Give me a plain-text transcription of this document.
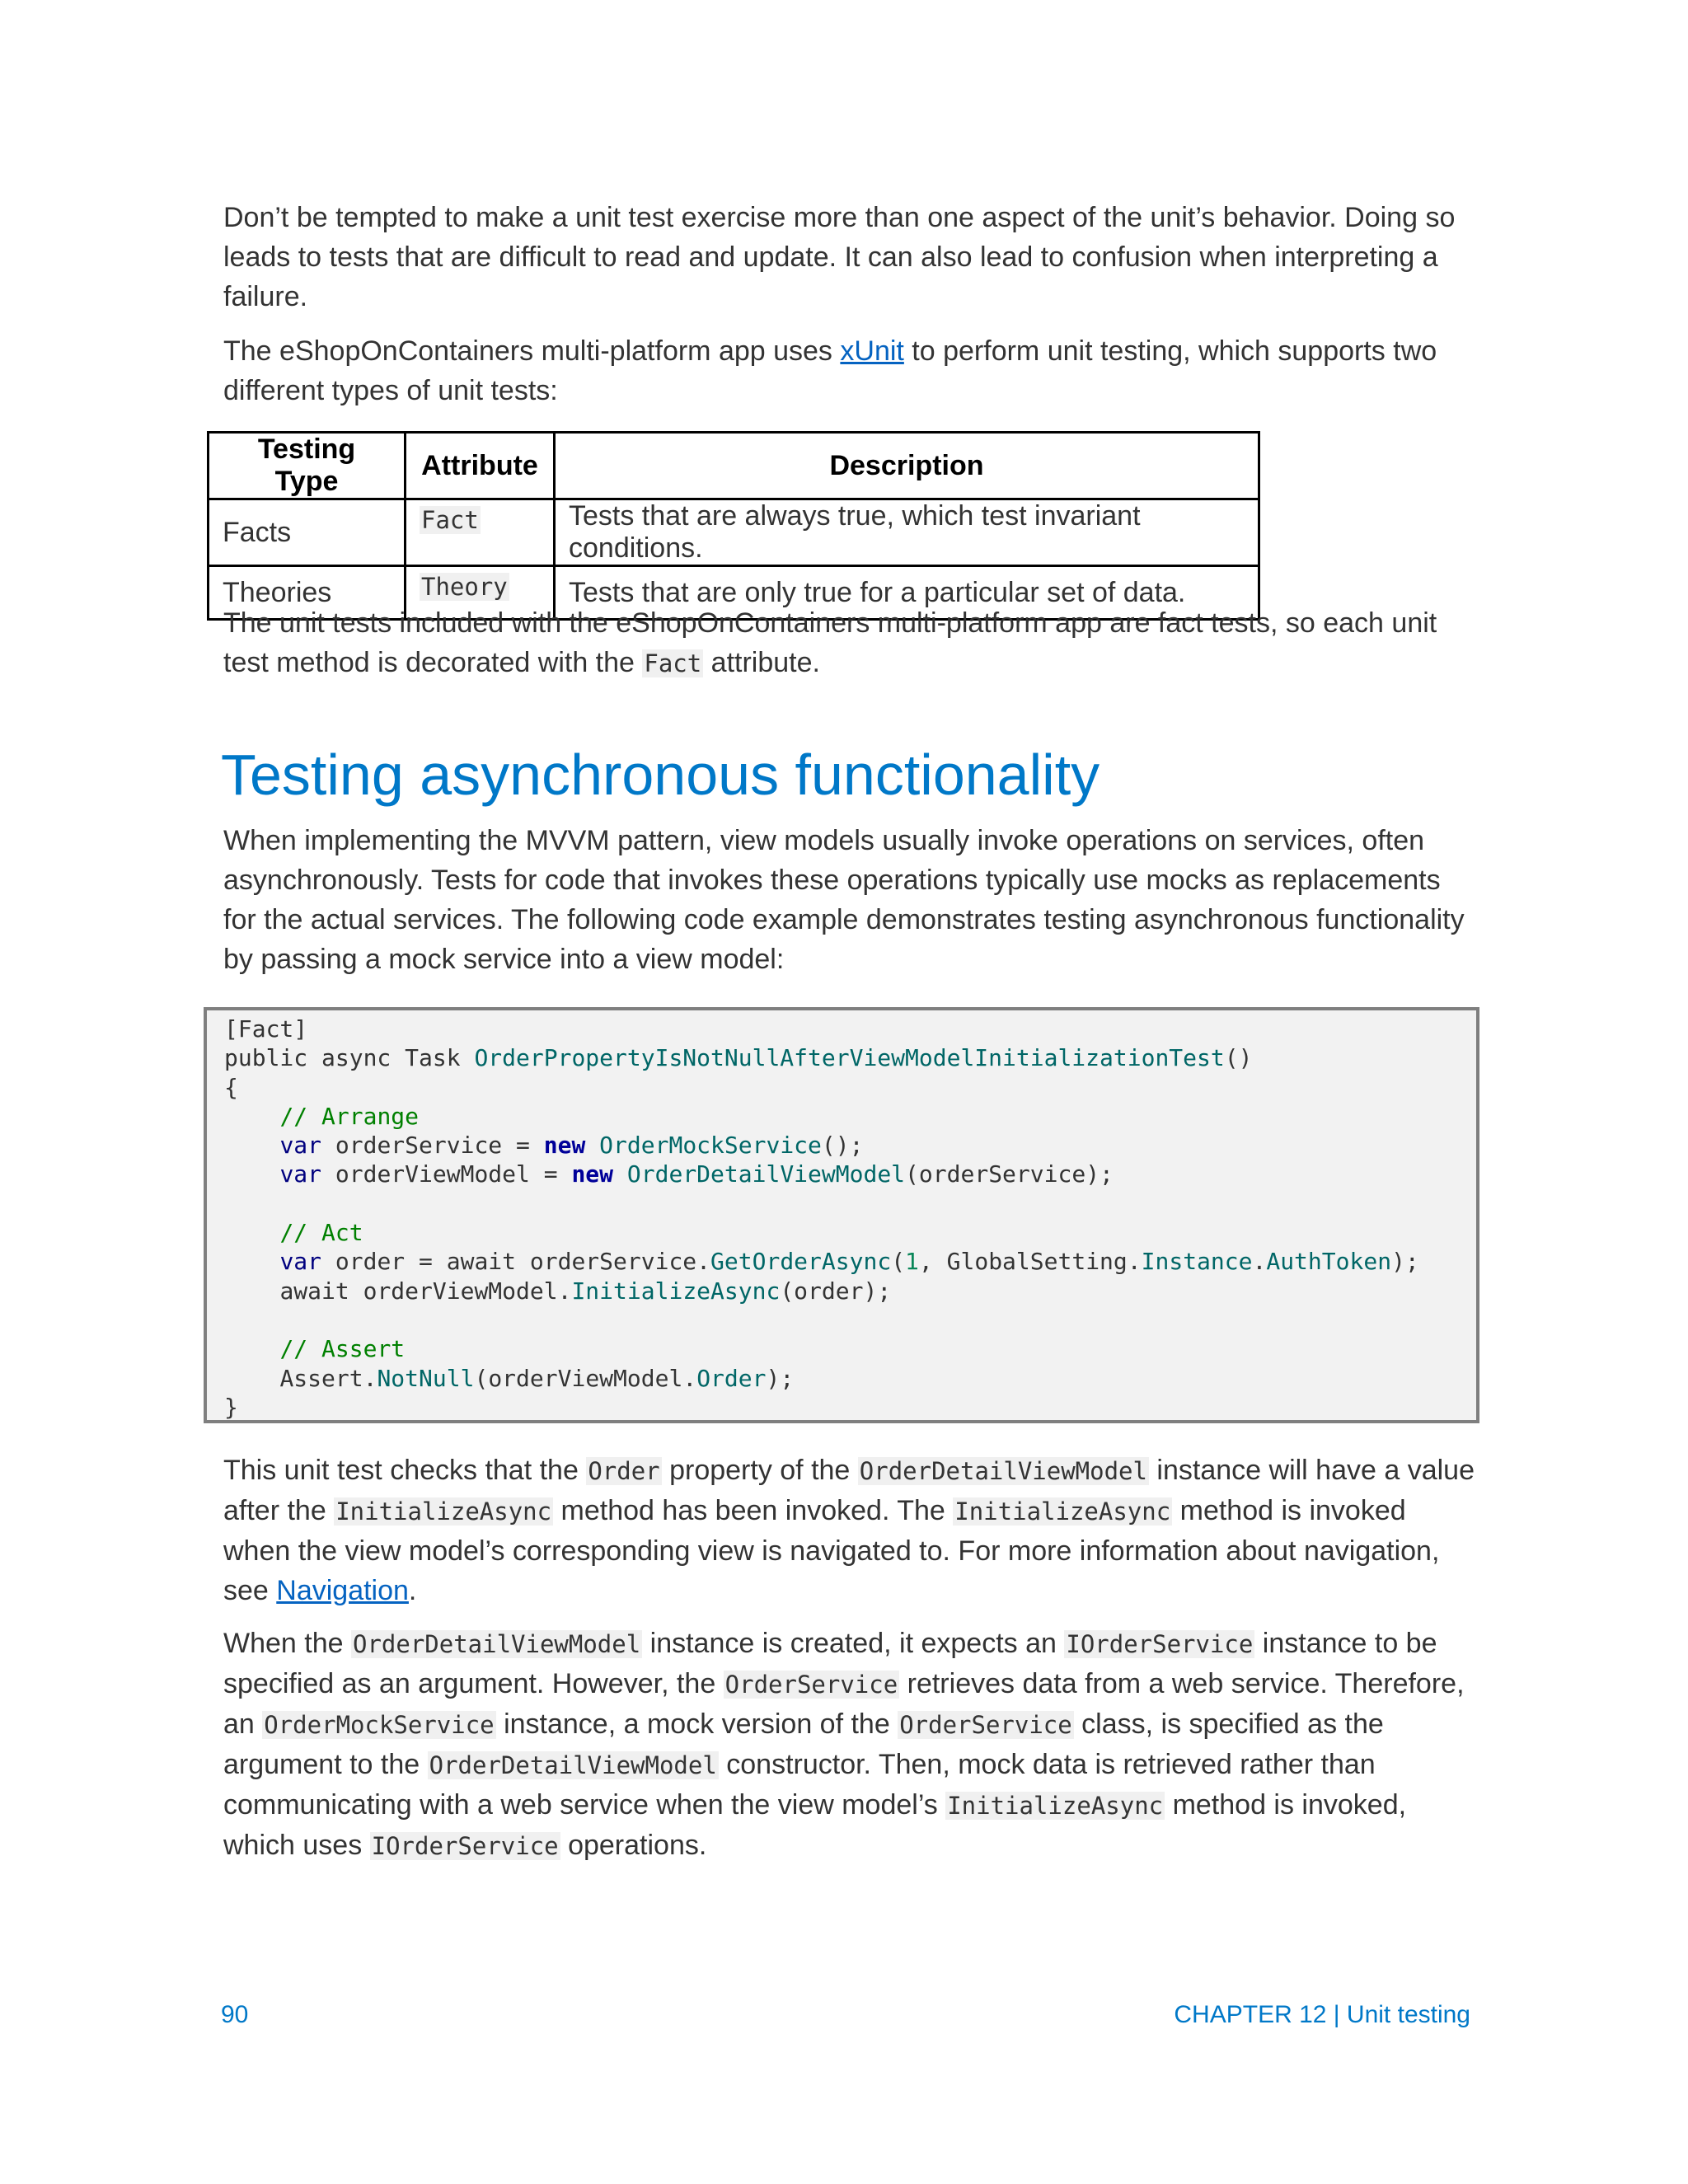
Don’t be tempted to make a unit test exercise more than one aspect of the unit’s behavior. Doing so leads to tests that are difficult to read and update. It can also lead to confusion when interpreting a failure.

The eShopOnContainers multi-platform app uses xUnit to perform unit testing, which supports two different types of unit tests:

Testing Type	Attribute	Description
Facts	Fact	Tests that are always true, which test invariant conditions.
Theories	Theory	Tests that are only true for a particular set of data.

The unit tests included with the eShopOnContainers multi-platform app are fact tests, so each unit test method is decorated with the Fact attribute.

Testing asynchronous functionality

When implementing the MVVM pattern, view models usually invoke operations on services, often asynchronously. Tests for code that invokes these operations typically use mocks as replacements for the actual services. The following code example demonstrates testing asynchronous functionality by passing a mock service into a view model:

[Fact]
public async Task OrderPropertyIsNotNullAfterViewModelInitializationTest()
{
// Arrange
var orderService = new OrderMockService();
var orderViewModel = new OrderDetailViewModel(orderService);

// Act
var order = await orderService.GetOrderAsync(1, GlobalSetting.Instance.AuthToken);
await orderViewModel.InitializeAsync(order);

// Assert
Assert.NotNull(orderViewModel.Order);
}

This unit test checks that the Order property of the OrderDetailViewModel instance will have a value after the InitializeAsync method has been invoked. The InitializeAsync method is invoked when the view model’s corresponding view is navigated to. For more information about navigation, see Navigation.

When the OrderDetailViewModel instance is created, it expects an IOrderService instance to be specified as an argument. However, the OrderService retrieves data from a web service. Therefore, an OrderMockService instance, a mock version of the OrderService class, is specified as the argument to the OrderDetailViewModel constructor. Then, mock data is retrieved rather than communicating with a web service when the view model’s InitializeAsync method is invoked, which uses IOrderService operations.

90	CHAPTER 12 | Unit testing
